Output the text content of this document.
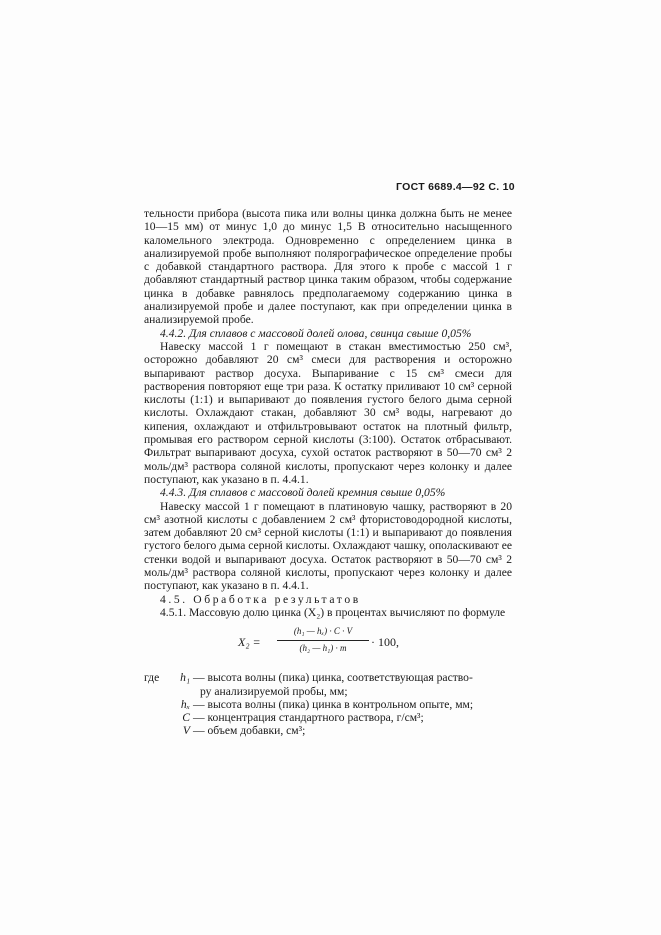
ГОСТ 6689.4—92 С. 10

тельности прибора (высота пика или волны цинка должна быть не менее 10—15 мм) от минус 1,0 до минус 1,5 В относительно насыщенного каломельного электрода. Одновременно с определением цинка в анализируемой пробе выполняют полярографическое определение пробы с добавкой стандартного раствора. Для этого к пробе с массой 1 г добавляют стандартный раствор цинка таким образом, чтобы содержание цинка в добавке равнялось предполагаемому содержанию цинка в анализируемой пробе и далее поступают, как при определении цинка в анализируемой пробе.

4.4.2. Для сплавов с массовой долей олова, свинца свыше 0,05%

Навеску массой 1 г помещают в стакан вместимостью 250 см³, осторожно добавляют 20 см³ смеси для растворения и осторожно выпаривают раствор досуха. Выпаривание с 15 см³ смеси для растворения повторяют еще три раза. К остатку приливают 10 см³ серной кислоты (1:1) и выпаривают до появления густого белого дыма серной кислоты. Охлаждают стакан, добавляют 30 см³ воды, нагревают до кипения, охлаждают и отфильтровывают остаток на плотный фильтр, промывая его раствором серной кислоты (3:100). Остаток отбрасывают. Фильтрат выпаривают досуха, сухой остаток растворяют в 50—70 см³ 2 моль/дм³ раствора соляной кислоты, пропускают через колонку и далее поступают, как указано в п. 4.4.1.

4.4.3. Для сплавов с массовой долей кремния свыше 0,05%

Навеску массой 1 г помещают в платиновую чашку, растворяют в 20 см³ азотной кислоты с добавлением 2 см³ фтористоводородной кислоты, затем добавляют 20 см³ серной кислоты (1:1) и выпаривают до появления густого белого дыма серной кислоты. Охлаждают чашку, ополаскивают ее стенки водой и выпаривают досуха. Остаток растворяют в 50—70 см³ 2 моль/дм³ раствора соляной кислоты, пропускают через колонку и далее поступают, как указано в п. 4.4.1.

4.5. Обработка результатов

4.5.1. Массовую долю цинка (X₂) в процентах вычисляют по формуле

$X_2 = \frac{\text{(h₁ — hₓ) · C · V}}{\text{(h₂ — h₁) · m}} \cdot 100$,
где	h₁ — высота волны (пика) цинка, соответствующая раство-
ру анализируемой пробы, мм;
hₓ — высота волны (пика) цинка в контрольном опыте, мм;
C — концентрация стандартного раствора, г/см³;
V — объем добавки, см³;
